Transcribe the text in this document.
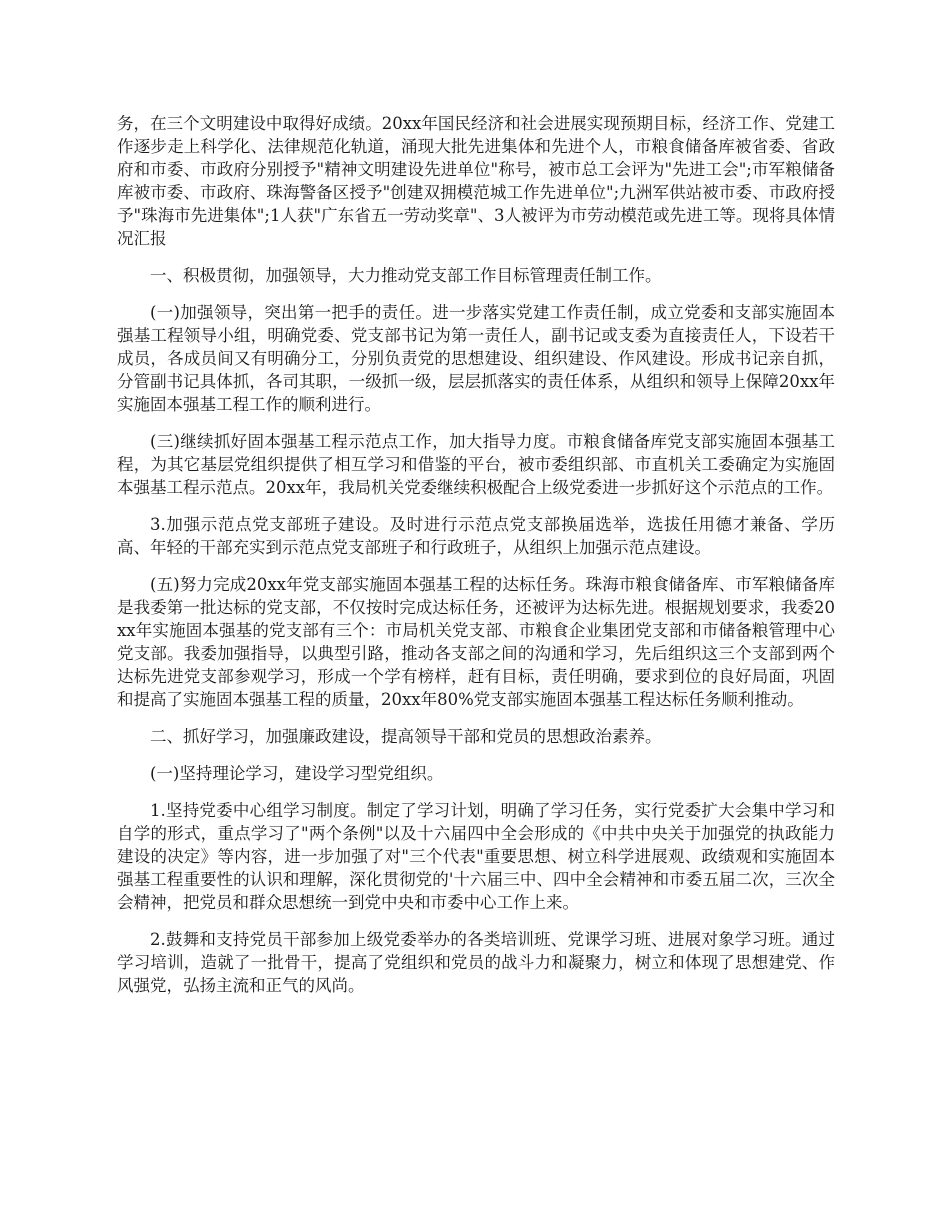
务，在三个文明建设中取得好成绩。20xx年国民经济和社会进展实现预期目标，经济工作、党建工作逐步走上科学化、法律规范化轨道，涌现大批先进集体和先进个人，市粮食储备库被省委、省政府和市委、市政府分别授予"精神文明建设先进单位"称号，被市总工会评为"先进工会";市军粮储备库被市委、市政府、珠海警备区授予"创建双拥模范城工作先进单位";九洲军供站被市委、市政府授予"珠海市先进集体";1人获"广东省五一劳动奖章"、3人被评为市劳动模范或先进工等。现将具体情况汇报

一、积极贯彻，加强领导，大力推动党支部工作目标管理责任制工作。

(一)加强领导，突出第一把手的责任。进一步落实党建工作责任制，成立党委和支部实施固本强基工程领导小组，明确党委、党支部书记为第一责任人，副书记或支委为直接责任人，下设若干成员，各成员间又有明确分工，分别负责党的思想建设、组织建设、作风建设。形成书记亲自抓，分管副书记具体抓，各司其职，一级抓一级，层层抓落实的责任体系，从组织和领导上保障20xx年实施固本强基工程工作的顺利进行。

(三)继续抓好固本强基工程示范点工作，加大指导力度。市粮食储备库党支部实施固本强基工程，为其它基层党组织提供了相互学习和借鉴的平台，被市委组织部、市直机关工委确定为实施固本强基工程示范点。20xx年，我局机关党委继续积极配合上级党委进一步抓好这个示范点的工作。

3.加强示范点党支部班子建设。及时进行示范点党支部换届选举，选拔任用德才兼备、学历高、年轻的干部充实到示范点党支部班子和行政班子，从组织上加强示范点建设。

(五)努力完成20xx年党支部实施固本强基工程的达标任务。珠海市粮食储备库、市军粮储备库是我委第一批达标的党支部，不仅按时完成达标任务，还被评为达标先进。根据规划要求，我委20xx年实施固本强基的党支部有三个：市局机关党支部、市粮食企业集团党支部和市储备粮管理中心党支部。我委加强指导，以典型引路，推动各支部之间的沟通和学习，先后组织这三个支部到两个达标先进党支部参观学习，形成一个学有榜样，赶有目标，责任明确，要求到位的良好局面，巩固和提高了实施固本强基工程的质量，20xx年80%党支部实施固本强基工程达标任务顺利推动。

二、抓好学习，加强廉政建设，提高领导干部和党员的思想政治素养。

(一)坚持理论学习，建设学习型党组织。

1.坚持党委中心组学习制度。制定了学习计划，明确了学习任务，实行党委扩大会集中学习和自学的形式，重点学习了"两个条例"以及十六届四中全会形成的《中共中央关于加强党的执政能力建设的决定》等内容，进一步加强了对"三个代表"重要思想、树立科学进展观、政绩观和实施固本强基工程重要性的认识和理解，深化贯彻党的'十六届三中、四中全会精神和市委五届二次，三次全会精神，把党员和群众思想统一到党中央和市委中心工作上来。

2.鼓舞和支持党员干部参加上级党委举办的各类培训班、党课学习班、进展对象学习班。通过学习培训，造就了一批骨干，提高了党组织和党员的战斗力和凝聚力，树立和体现了思想建党、作风强党，弘扬主流和正气的风尚。
